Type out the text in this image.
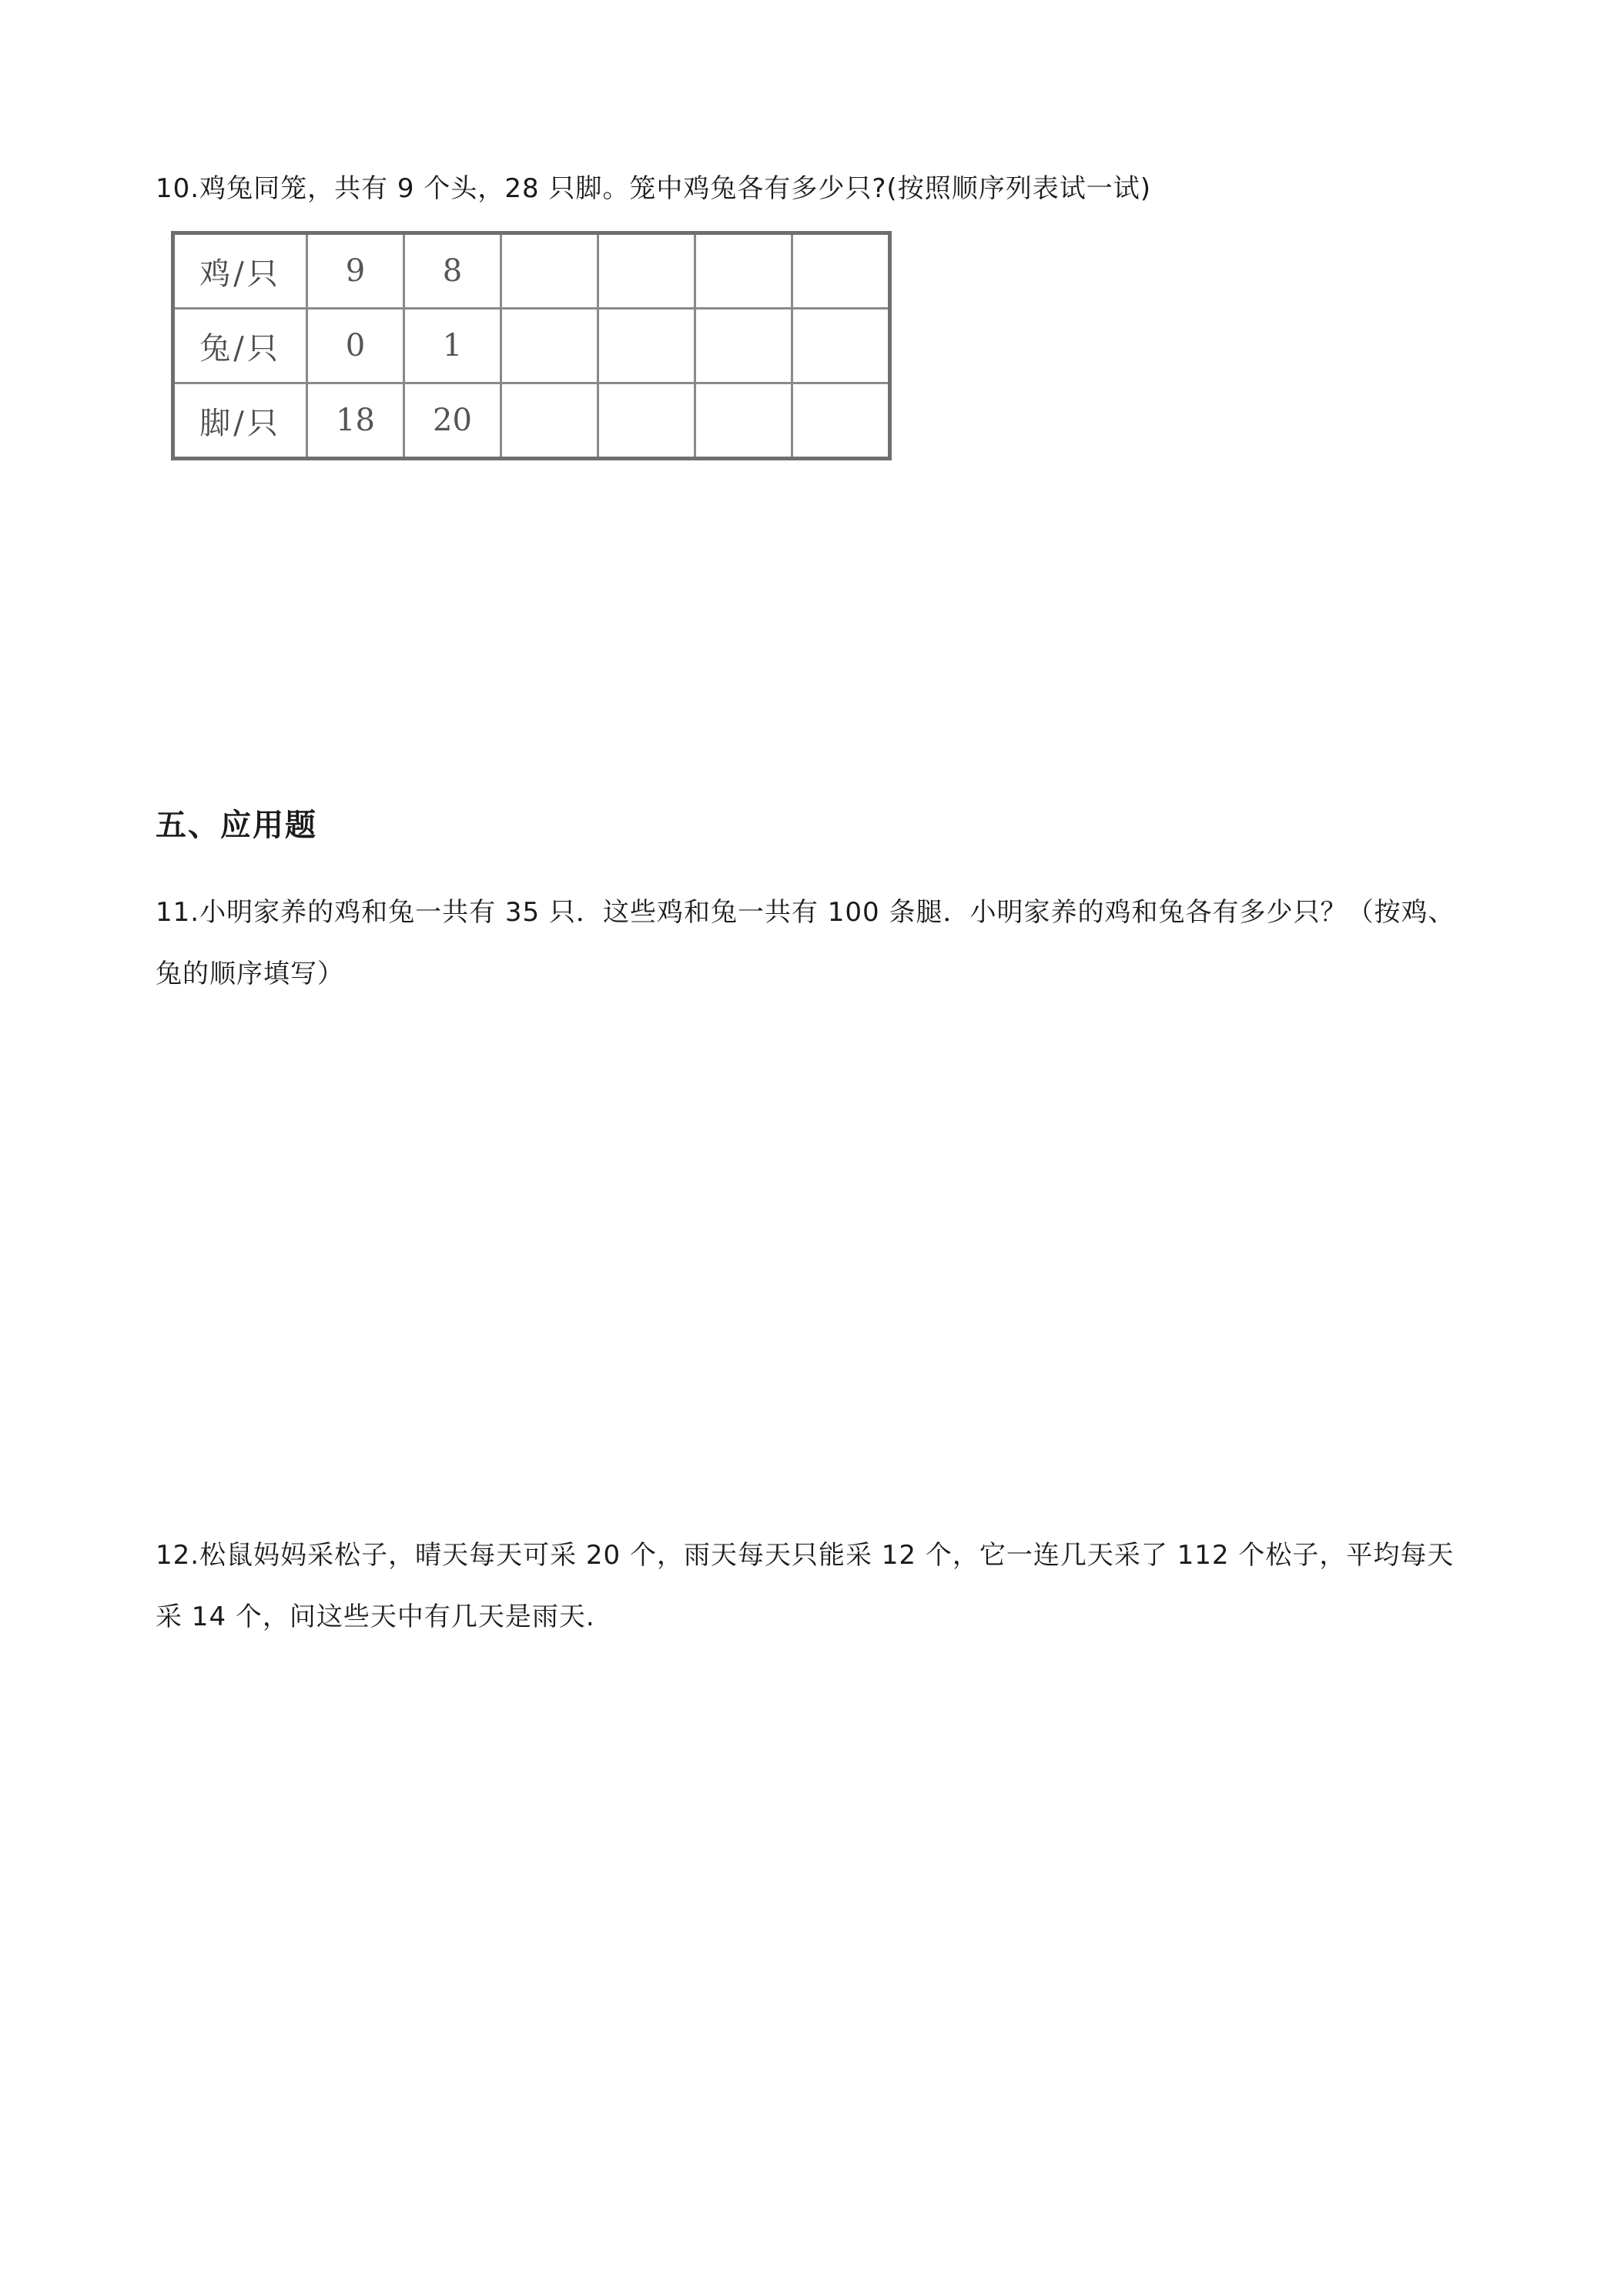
10.鸡兔同笼，共有 9 个头，28 只脚。笼中鸡兔各有多少只?(按照顺序列表试一试)
鸡/只	9	8				
兔/只	0	1				
脚/只	18	20				
五、应用题
11.小明家养的鸡和兔一共有 35 只．这些鸡和兔一共有 100 条腿．小明家养的鸡和兔各有多少只？（按鸡、兔的顺序填写）
12.松鼠妈妈采松子，晴天每天可采 20 个，雨天每天只能采 12 个，它一连几天采了 112 个松子，平均每天采 14 个，问这些天中有几天是雨天.
